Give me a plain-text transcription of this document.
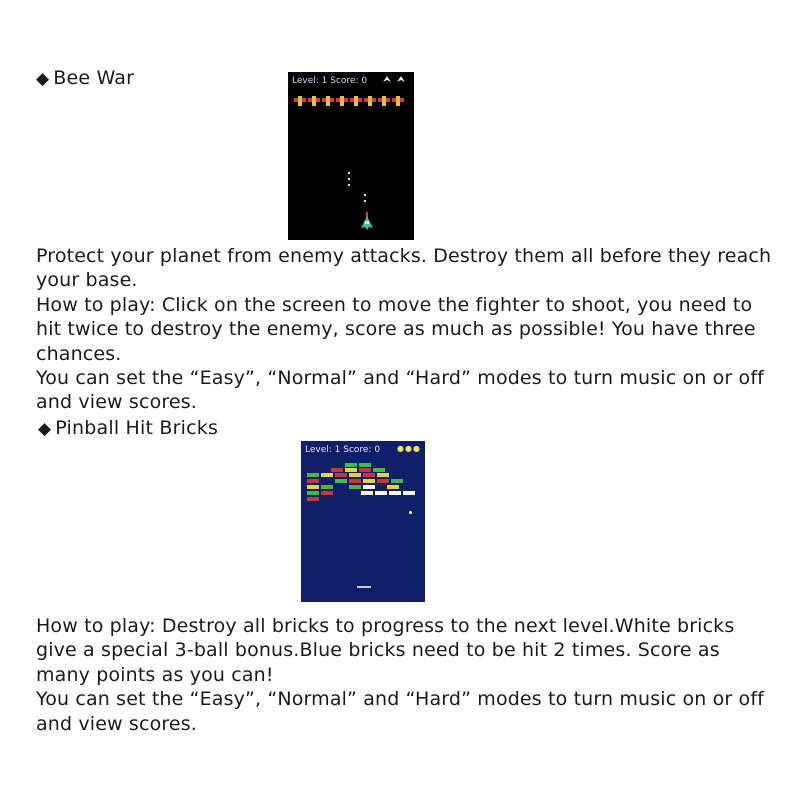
◆ Bee War	Level: 1 Score: 0

Protect your planet from enemy attacks. Destroy them all before they reach your base.

How to play: Click on the screen to move the fighter to shoot, you need to hit twice to destroy the enemy, score as much as possible! You have three chances.

You can set the “Easy”, “Normal” and “Hard” modes to turn music on or off and view scores.

◆ Pinball Hit Bricks
Level: 1 Score: 0 ●●●

How to play: Destroy all bricks to progress to the next level.White bricks give a special 3-ball bonus.Blue bricks need to be hit 2 times. Score as many points as you can!

You can set the “Easy”, “Normal” and “Hard” modes to turn music on or off and view scores.
